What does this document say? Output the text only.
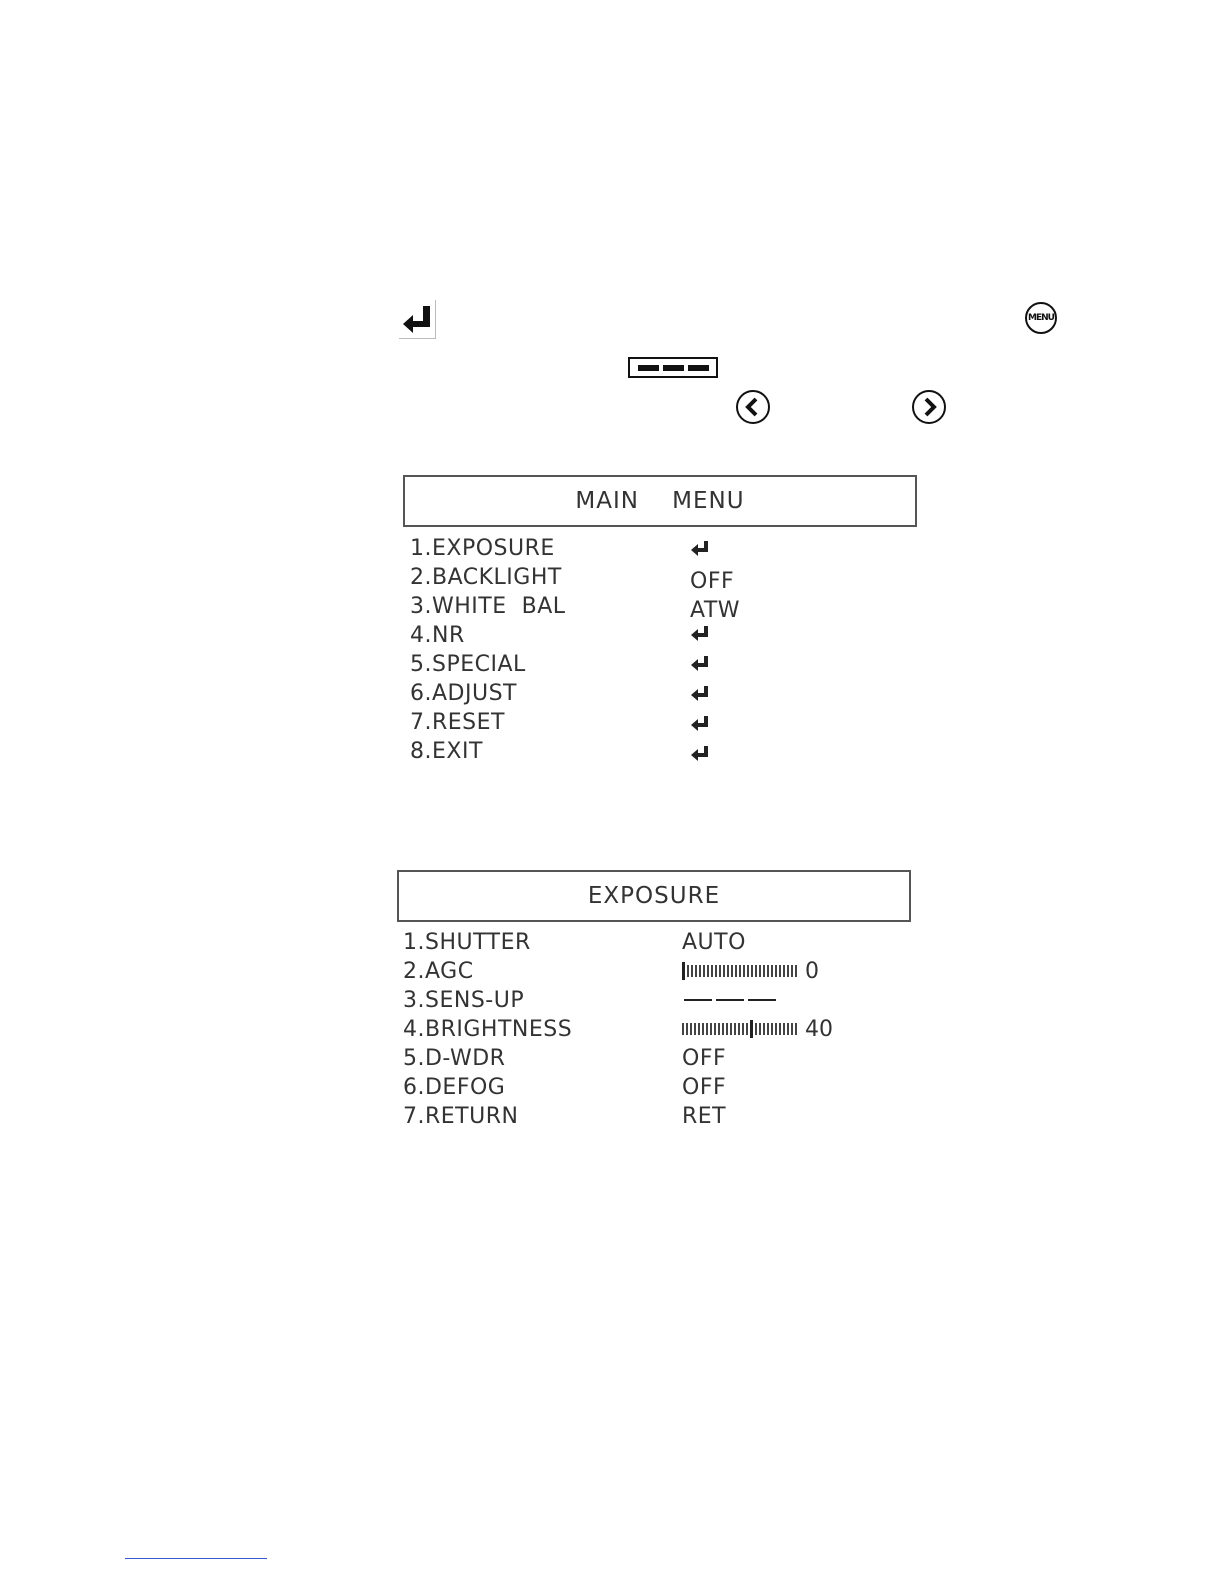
MENU
MAIN    MENU
1.EXPOSURE
2.BACKLIGHT
3.WHITE  BAL
4.NR
5.SPECIAL
6.ADJUST
7.RESET
8.EXIT
OFF
ATW
EXPOSURE
1.SHUTTER
2.AGC
3.SENS-UP
4.BRIGHTNESS
5.D-WDR
6.DEFOG
7.RETURN
AUTO
0
40
OFF
OFF
RET
